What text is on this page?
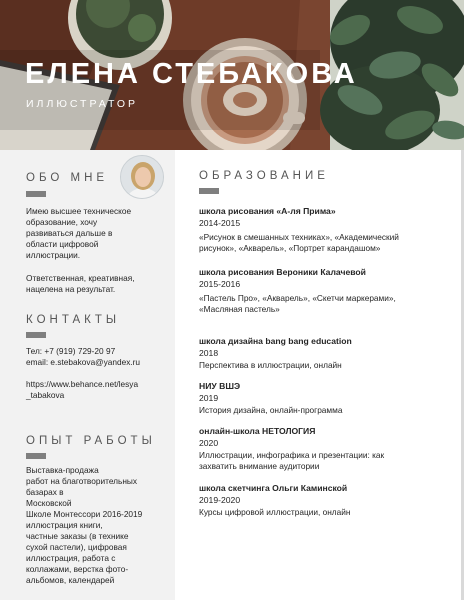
ЕЛЕНА СТЕБАКОВА
ИЛЛЮСТРАТОР
ОБО МНЕ

Имею высшее техническое

образование, хочу

развиваться дальше в

области цифровой

иллюстрации.

Ответственная, креативная,

нацелена на результат.

КОНТАКТЫ

Тел: +7 (919) 729-20 97

email: e.stebakova@yandex.ru

https://www.behance.net/lesya

_tabakova

ОПЫТ РАБОТЫ

Выставка-продажа

работ на благотворительных

базарах в

Московской

Школе Монтессори 2016-2019

иллюстрация книги,

частные заказы (в технике

сухой пастели), цифровая

иллюстрация, работа с

коллажами, верстка фото-

альбомов, календарей

ОБРАЗОВАНИЕ
школа рисования «А-ля Прима»
2014-2015

«Рисунок в смешанных техниках», «Академический

рисунок», «Акварель», «Портрет карандашом»

школа рисования Вероники Калачевой
2015-2016

«Пастель Про», «Акварель», «Скетчи маркерами»,

«Масляная пастель»

школа дизайна bang bang education
2018

Перспектива в иллюстрации, онлайн

НИУ ВШЭ
2019

История дизайна, онлайн-программа

онлайн-школа НЕТОЛОГИЯ
2020

Иллюстрации, инфографика и презентации: как

захватить внимание аудитории

школа скетчинга Ольги Каминской
2019-2020

Курсы цифровой иллюстрации, онлайн
